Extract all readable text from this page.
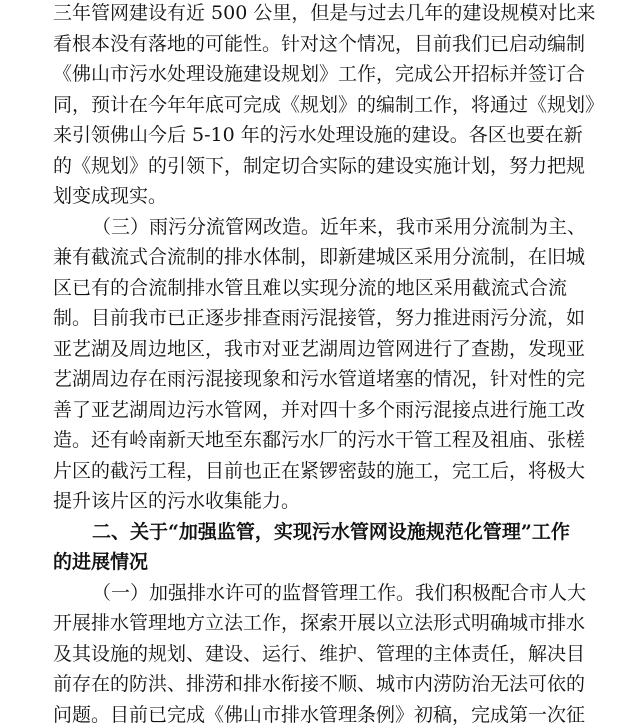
三年管网建设有近 500 公里，但是与过去几年的建设规模对比来
看根本没有落地的可能性。针对这个情况，目前我们已启动编制
《佛山市污水处理设施建设规划》工作，完成公开招标并签订合
同，预计在今年年底可完成《规划》的编制工作，将通过《规划》
来引领佛山今后 5-10 年的污水处理设施的建设。各区也要在新
的《规划》的引领下，制定切合实际的建设实施计划，努力把规
划变成现实。
（三）雨污分流管网改造。近年来，我市采用分流制为主、
兼有截流式合流制的排水体制，即新建城区采用分流制，在旧城
区已有的合流制排水管且难以实现分流的地区采用截流式合流
制。目前我市已正逐步排查雨污混接管，努力推进雨污分流，如
亚艺湖及周边地区，我市对亚艺湖周边管网进行了查勘，发现亚
艺湖周边存在雨污混接现象和污水管道堵塞的情况，针对性的完
善了亚艺湖周边污水管网，并对四十多个雨污混接点进行施工改
造。还有岭南新天地至东鄱污水厂的污水干管工程及祖庙、张槎
片区的截污工程，目前也正在紧锣密鼓的施工，完工后，将极大
提升该片区的污水收集能力。
二、关于“加强监管，实现污水管网设施规范化管理”工作
的进展情况
（一）加强排水许可的监督管理工作。我们积极配合市人大
开展排水管理地方立法工作，探索开展以立法形式明确城市排水
及其设施的规划、建设、运行、维护、管理的主体责任，解决目
前存在的防洪、排涝和排水衔接不顺、城市内涝防治无法可依的
问题。目前已完成《佛山市排水管理条例》初稿，完成第一次征
